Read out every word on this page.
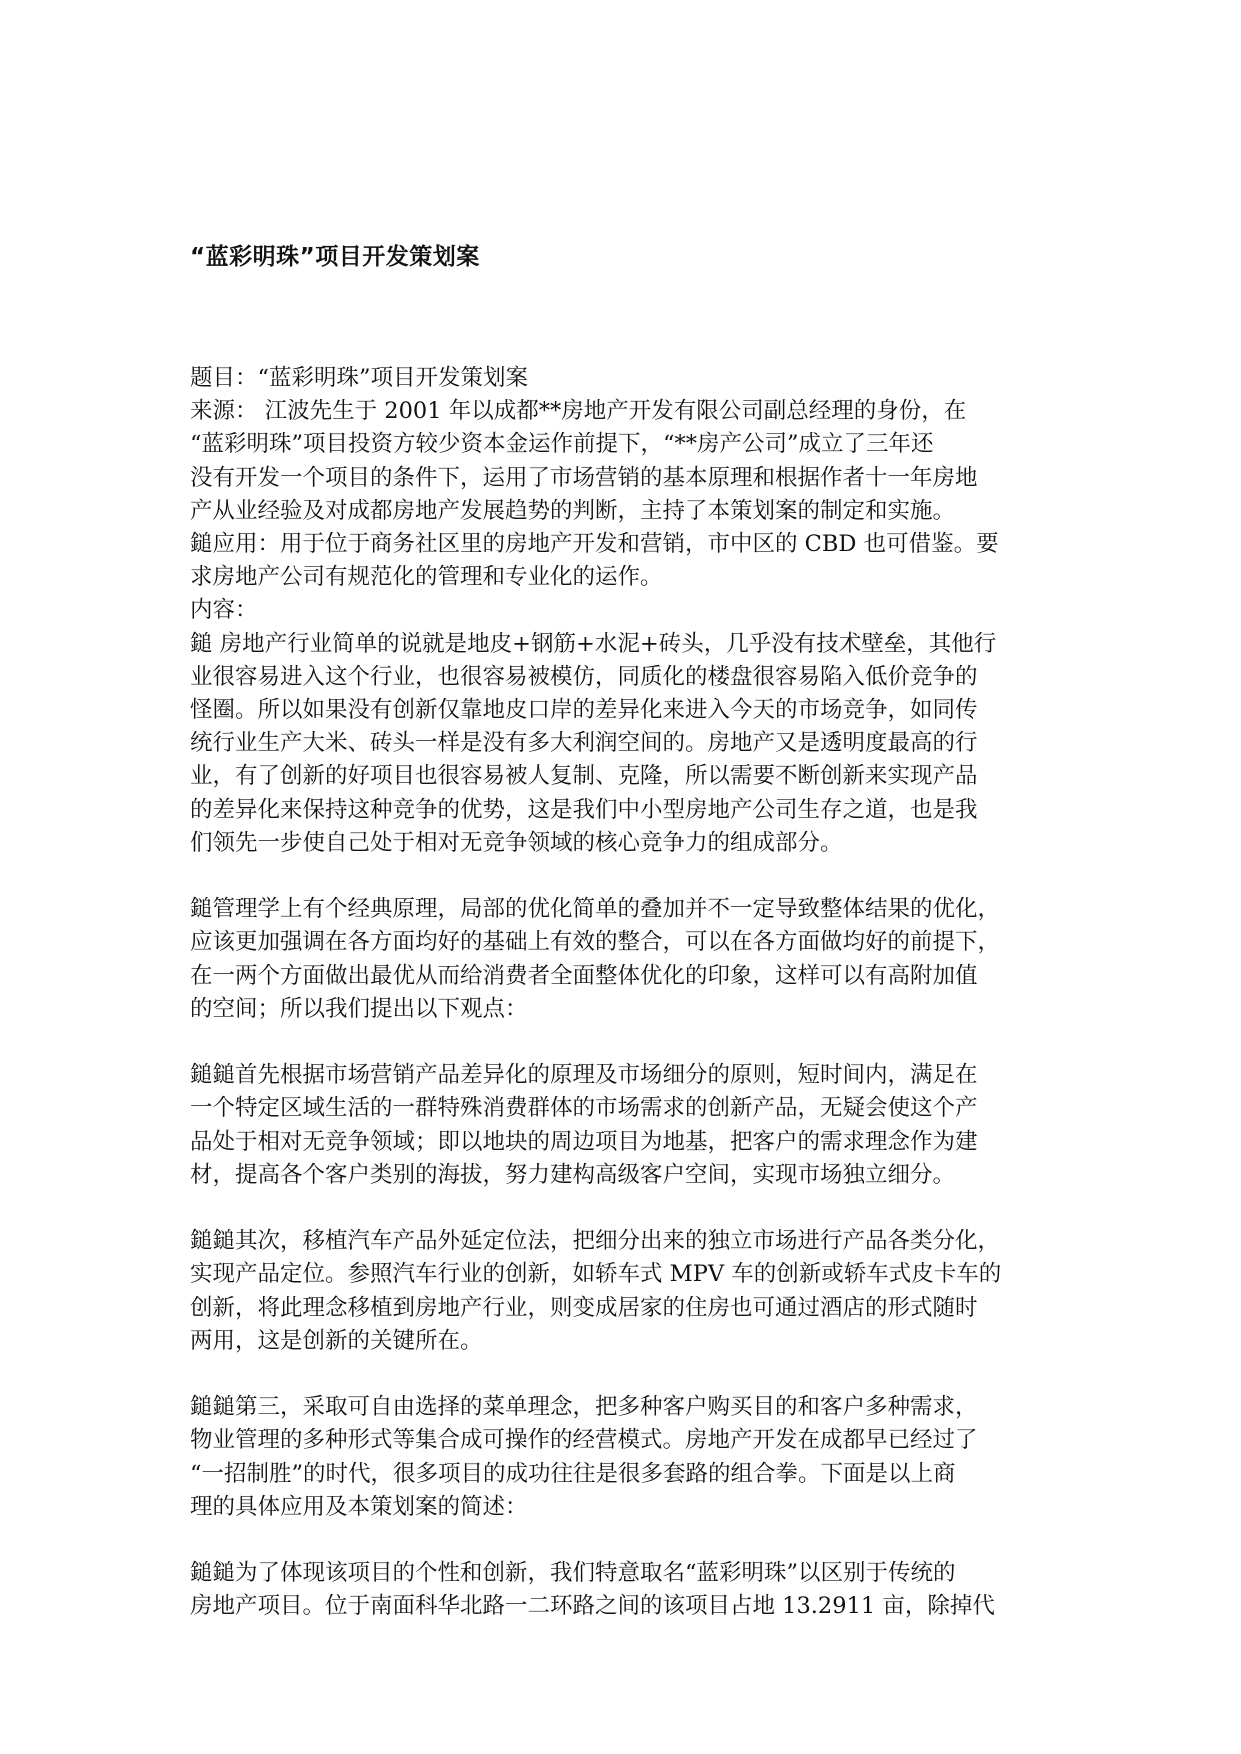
“蓝彩明珠”项目开发策划案
题目：“蓝彩明珠”项目开发策划案
来源： 江波先生于 2001 年以成都**房地产开发有限公司副总经理的身份，在
“蓝彩明珠”项目投资方较少资本金运作前提下，“**房产公司”成立了三年还
没有开发一个项目的条件下，运用了市场营销的基本原理和根据作者十一年房地
产从业经验及对成都房地产发展趋势的判断，主持了本策划案的制定和实施。
鎚应用：用于位于商务社区里的房地产开发和营销，市中区的 CBD 也可借鉴。要
求房地产公司有规范化的管理和专业化的运作。
内容：
鎚 房地产行业简单的说就是地皮+钢筋+水泥+砖头，几乎没有技术壁垒，其他行
业很容易进入这个行业，也很容易被模仿，同质化的楼盘很容易陷入低价竞争的
怪圈。所以如果没有创新仅靠地皮口岸的差异化来进入今天的市场竞争，如同传
统行业生产大米、砖头一样是没有多大利润空间的。房地产又是透明度最高的行
业，有了创新的好项目也很容易被人复制、克隆，所以需要不断创新来实现产品
的差异化来保持这种竞争的优势，这是我们中小型房地产公司生存之道，也是我
们领先一步使自己处于相对无竞争领域的核心竞争力的组成部分。
鎚管理学上有个经典原理，局部的优化简单的叠加并不一定导致整体结果的优化，
应该更加强调在各方面均好的基础上有效的整合，可以在各方面做均好的前提下，
在一两个方面做出最优从而给消费者全面整体优化的印象，这样可以有高附加值
的空间；所以我们提出以下观点：
鎚鎚首先根据市场营销产品差异化的原理及市场细分的原则，短时间内，满足在
一个特定区域生活的一群特殊消费群体的市场需求的创新产品，无疑会使这个产
品处于相对无竞争领域；即以地块的周边项目为地基，把客户的需求理念作为建
材，提高各个客户类别的海拔，努力建构高级客户空间，实现市场独立细分。
鎚鎚其次，移植汽车产品外延定位法，把细分出来的独立市场进行产品各类分化，
实现产品定位。参照汽车行业的创新，如轿车式 MPV 车的创新或轿车式皮卡车的
创新，将此理念移植到房地产行业，则变成居家的住房也可通过酒店的形式随时
两用，这是创新的关键所在。
鎚鎚第三，采取可自由选择的菜单理念，把多种客户购买目的和客户多种需求，
物业管理的多种形式等集合成可操作的经营模式。房地产开发在成都早已经过了
“一招制胜”的时代，很多项目的成功往往是很多套路的组合拳。下面是以上商
理的具体应用及本策划案的简述：
鎚鎚为了体现该项目的个性和创新，我们特意取名“蓝彩明珠”以区别于传统的
房地产项目。位于南面科华北路一二环路之间的该项目占地 13.2911 亩，除掉代
